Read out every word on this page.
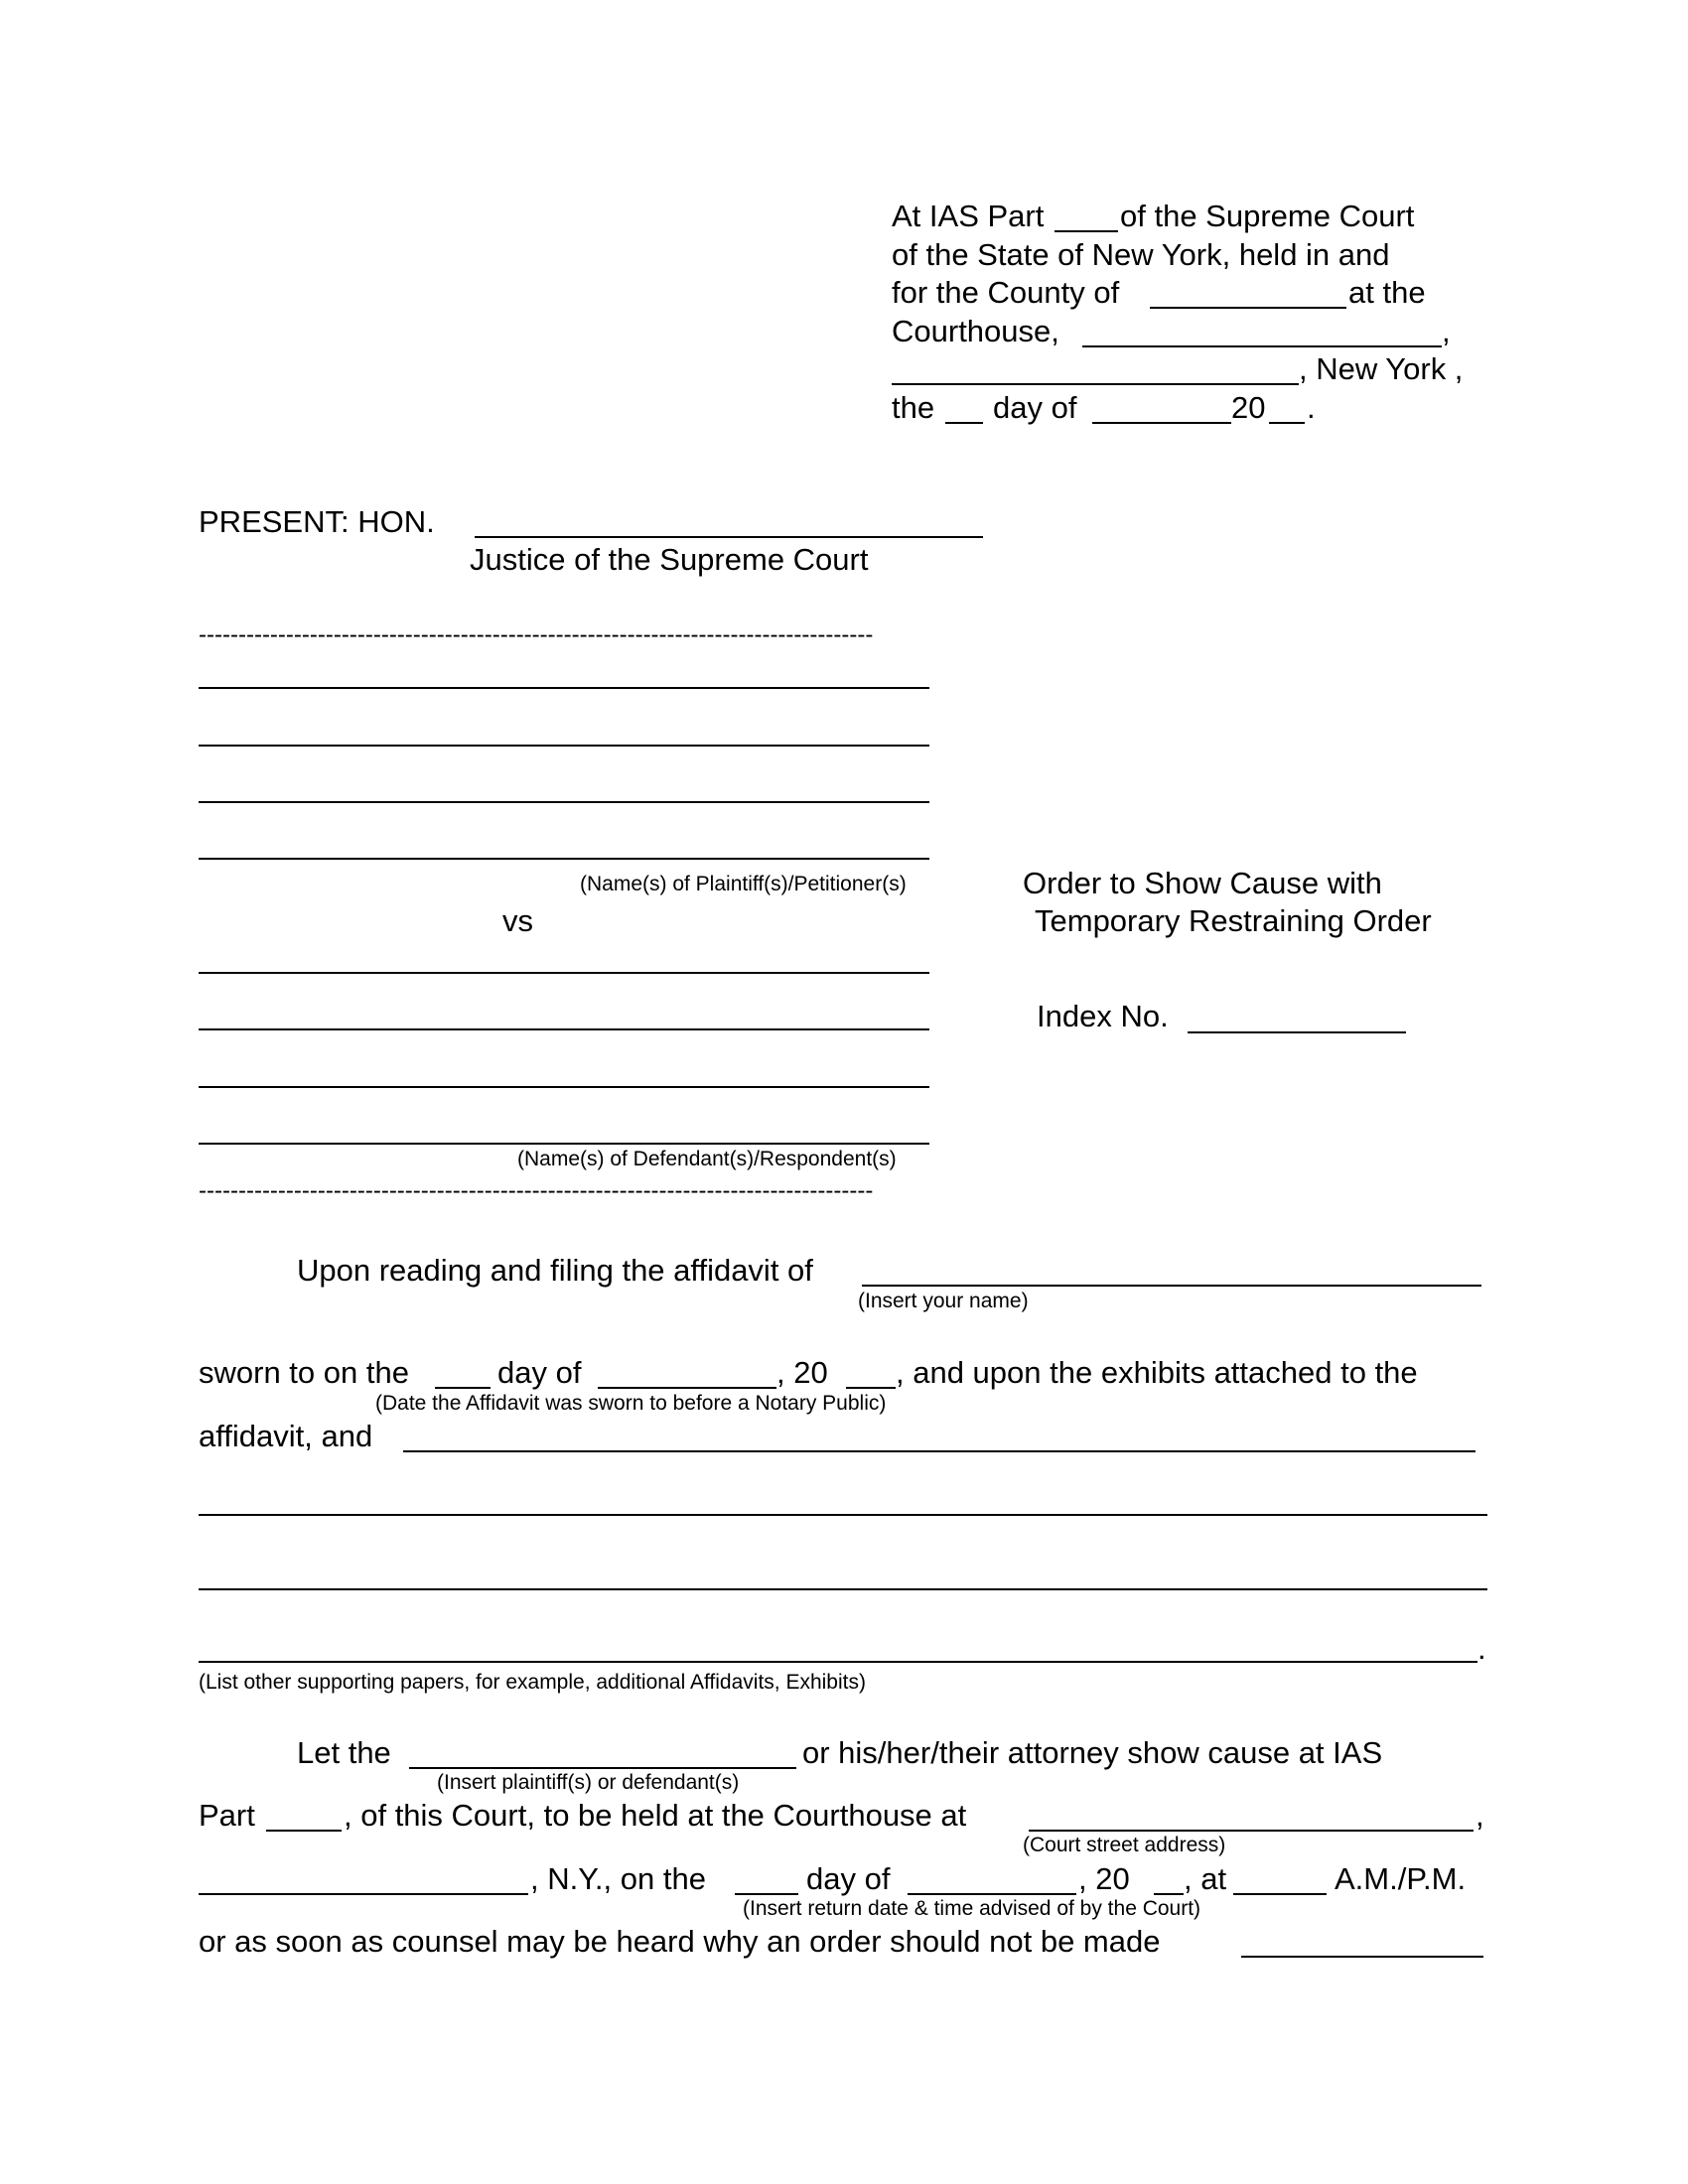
At IAS Part of the Supreme Court
of the State of New York, held in and
for the County of	at the
Courthouse,	,
, New York ,
the day of	20 .
PRESENT: HON.
Justice of the Supreme Court
-------------------------------------------------------------------------------------
(Name(s) of Plaintiff(s)/Petitioner(s)
vs
(Name(s) of Defendant(s)/Respondent(s)
-------------------------------------------------------------------------------------
Order to Show Cause with
Temporary Restraining Order
Index No.
Upon reading and filing the affidavit of
(Insert your name)
sworn to on the	day of	, 20 , and upon the exhibits attached to the
(Date the Affidavit was sworn to before a Notary Public)
affidavit, and
.
(List other supporting papers, for example, additional Affidavits, Exhibits)
Let the	or his/her/their attorney show cause at IAS
(Insert plaintiff(s) or defendant(s)
Part	, of this Court, to be held at the Courthouse at	,
(Court street address)
, N.Y., on the	day of	, 20 , at	A.M./P.M.
(Insert return date & time advised of by the Court)
or as soon as counsel may be heard why an order should not be made
